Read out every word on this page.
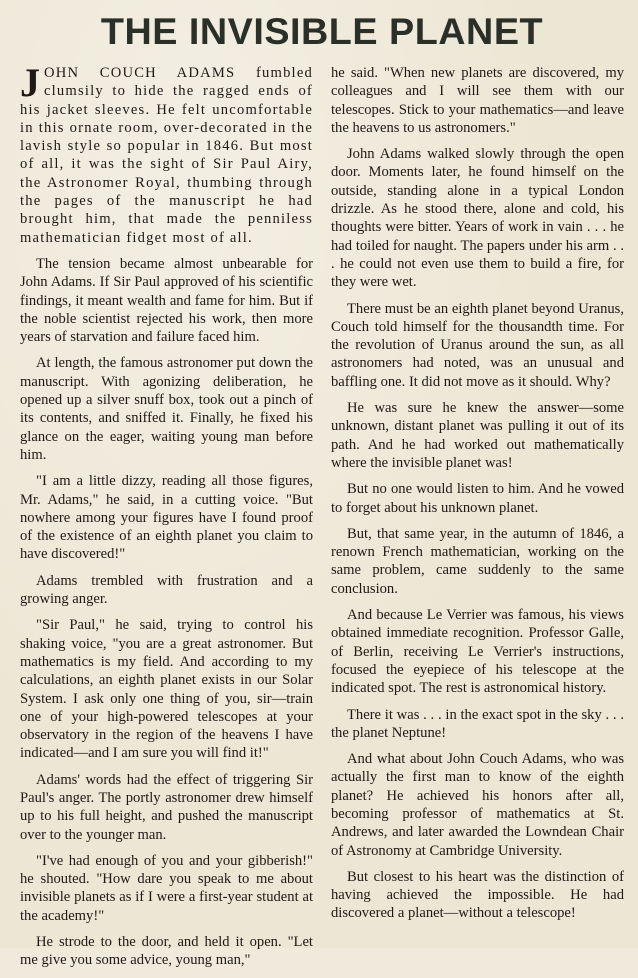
THE INVISIBLE PLANET

JOHN COUCH ADAMS fumbled clumsily to hide the ragged ends of his jacket sleeves. He felt uncomfortable in this ornate room, over-decorated in the lavish style so popular in 1846. But most of all, it was the sight of Sir Paul Airy, the Astronomer Royal, thumbing through the pages of the manuscript he had brought him, that made the penniless mathematician fidget most of all.

The tension became almost unbearable for John Adams. If Sir Paul approved of his scientific findings, it meant wealth and fame for him. But if the noble scientist rejected his work, then more years of starvation and failure faced him.

At length, the famous astronomer put down the manuscript. With agonizing deliberation, he opened up a silver snuff box, took out a pinch of its contents, and sniffed it. Finally, he fixed his glance on the eager, waiting young man before him.

"I am a little dizzy, reading all those figures, Mr. Adams," he said, in a cutting voice. "But nowhere among your figures have I found proof of the existence of an eighth planet you claim to have discovered!"

Adams trembled with frustration and a growing anger.

"Sir Paul," he said, trying to control his shaking voice, "you are a great astronomer. But mathematics is my field. And according to my calculations, an eighth planet exists in our Solar System. I ask only one thing of you, sir—train one of your high-powered telescopes at your observatory in the region of the heavens I have indicated—and I am sure you will find it!"

Adams' words had the effect of triggering Sir Paul's anger. The portly astronomer drew himself up to his full height, and pushed the manuscript over to the younger man.

"I've had enough of you and your gibberish!" he shouted. "How dare you speak to me about invisible planets as if I were a first-year student at the academy!"

He strode to the door, and held it open. "Let me give you some advice, young man,"

he said. "When new planets are discovered, my colleagues and I will see them with our telescopes. Stick to your mathematics—and leave the heavens to us astronomers."

John Adams walked slowly through the open door. Moments later, he found himself on the outside, standing alone in a typical London drizzle. As he stood there, alone and cold, his thoughts were bitter. Years of work in vain . . . he had toiled for naught. The papers under his arm . . . he could not even use them to build a fire, for they were wet.

There must be an eighth planet beyond Uranus, Couch told himself for the thousandth time. For the revolution of Uranus around the sun, as all astronomers had noted, was an unusual and baffling one. It did not move as it should. Why?

He was sure he knew the answer—some unknown, distant planet was pulling it out of its path. And he had worked out mathematically where the invisible planet was!

But no one would listen to him. And he vowed to forget about his unknown planet.

But, that same year, in the autumn of 1846, a renown French mathematician, working on the same problem, came suddenly to the same conclusion.

And because Le Verrier was famous, his views obtained immediate recognition. Professor Galle, of Berlin, receiving Le Verrier's instructions, focused the eyepiece of his telescope at the indicated spot. The rest is astronomical history.

There it was . . . in the exact spot in the sky . . . the planet Neptune!

And what about John Couch Adams, who was actually the first man to know of the eighth planet? He achieved his honors after all, becoming professor of mathematics at St. Andrews, and later awarded the Lowndean Chair of Astronomy at Cambridge University.

But closest to his heart was the distinction of having achieved the impossible. He had discovered a planet—without a telescope!
